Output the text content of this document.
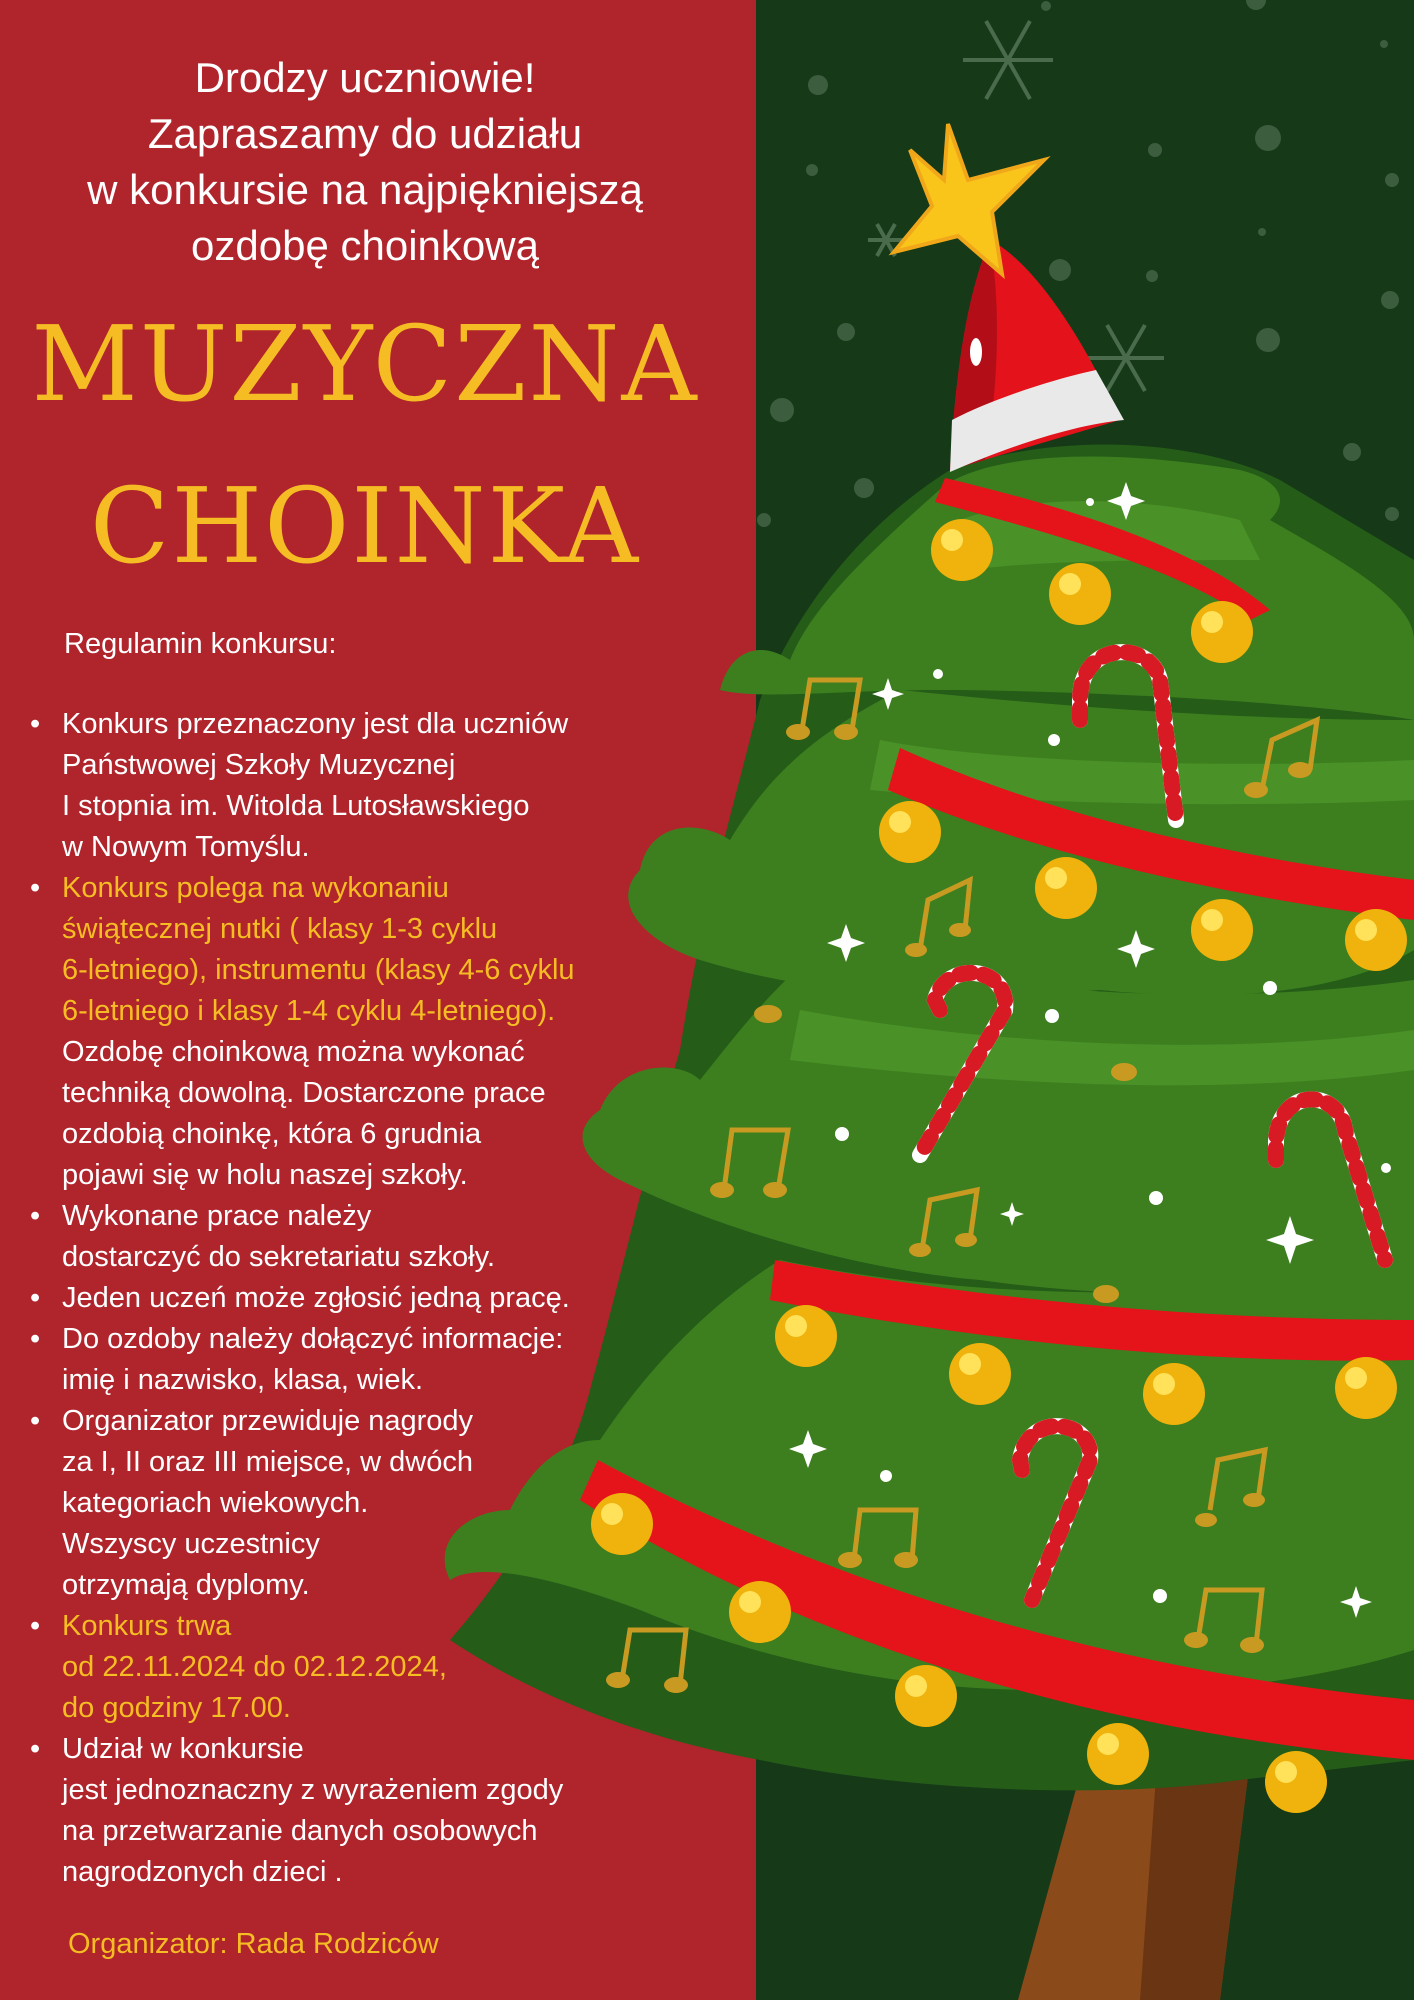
Drodzy uczniowie!
Zapraszamy do udziału
w konkursie na najpiękniejszą
ozdobę choinkową
MUZYCZNA
CHOINKA
Regulamin konkursu:
• Konkurs przeznaczony jest dla uczniów
Państwowej Szkoły Muzycznej
I stopnia im. Witolda Lutosławskiego
w Nowym Tomyślu.
• Konkurs polega na wykonaniu
świątecznej nutki ( klasy 1-3 cyklu
6-letniego), instrumentu (klasy 4-6 cyklu
6-letniego i klasy 1-4 cyklu 4-letniego).
Ozdobę choinkową można wykonać
techniką dowolną. Dostarczone prace
ozdobią choinkę, która 6 grudnia
pojawi się w holu naszej szkoły.
• Wykonane prace należy
dostarczyć do sekretariatu szkoły.
• Jeden uczeń może zgłosić jedną pracę.
• Do ozdoby należy dołączyć informacje:
imię i nazwisko, klasa, wiek.
• Organizator przewiduje nagrody
za I, II oraz III miejsce, w dwóch
kategoriach wiekowych.
Wszyscy uczestnicy
otrzymają dyplomy.
• Konkurs trwa
od 22.11.2024 do 02.12.2024,
do godziny 17.00.
• Udział w konkursie
jest jednoznaczny z wyrażeniem zgody
na przetwarzanie danych osobowych
nagrodzonych dzieci .
Organizator: Rada Rodziców
